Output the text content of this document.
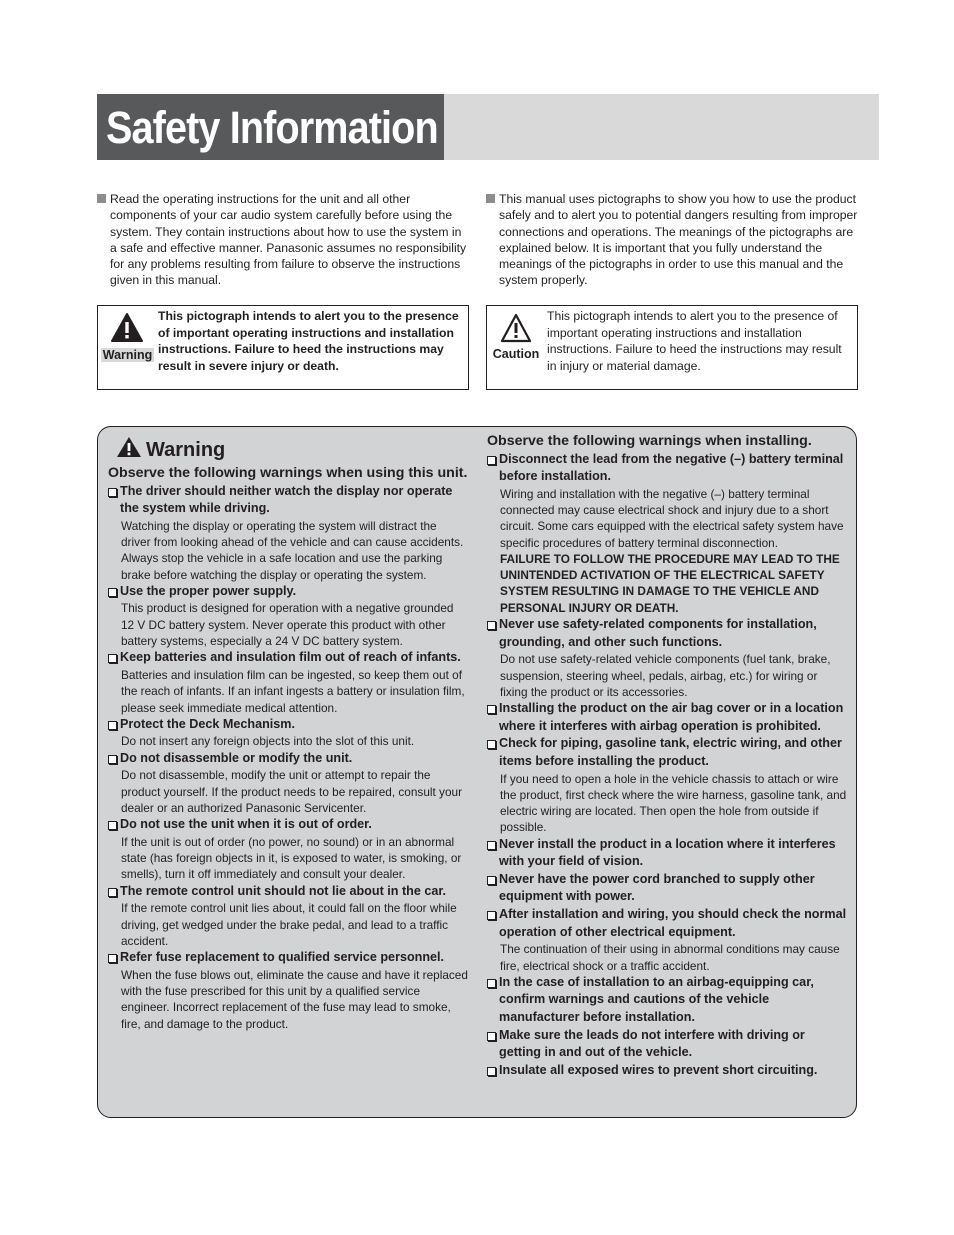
Safety Information
Read the operating instructions for the unit and all other components of your car audio system carefully before using the system. They contain instructions about how to use the system in a safe and effective manner. Panasonic assumes no responsibility for any problems resulting from failure to observe the instructions given in this manual.
This manual uses pictographs to show you how to use the product safely and to alert you to potential dangers resulting from improper connections and operations. The meanings of the pictographs are explained below. It is important that you fully understand the meanings of the pictographs in order to use this manual and the system properly.
Warning
This pictograph intends to alert you to the presence of important operating instructions and installation instructions. Failure to heed the instructions may result in severe injury or death.
Caution
This pictograph intends to alert you to the presence of important operating instructions and installation instructions. Failure to heed the instructions may result in injury or material damage.
Warning
Observe the following warnings when using this unit.
The driver should neither watch the display nor operate the system while driving.
Watching the display or operating the system will distract the driver from looking ahead of the vehicle and can cause accidents. Always stop the vehicle in a safe location and use the parking brake before watching the display or operating the system.
Use the proper power supply.
This product is designed for operation with a negative grounded 12 V DC battery system. Never operate this product with other battery systems, especially a 24 V DC battery system.
Keep batteries and insulation film out of reach of infants.
Batteries and insulation film can be ingested, so keep them out of the reach of infants. If an infant ingests a battery or insulation film, please seek immediate medical attention.
Protect the Deck Mechanism.
Do not insert any foreign objects into the slot of this unit.
Do not disassemble or modify the unit.
Do not disassemble, modify the unit or attempt to repair the product yourself. If the product needs to be repaired, consult your dealer or an authorized Panasonic Servicenter.
Do not use the unit when it is out of order.
If the unit is out of order (no power, no sound) or in an abnormal state (has foreign objects in it, is exposed to water, is smoking, or smells), turn it off immediately and consult your dealer.
The remote control unit should not lie about in the car.
If the remote control unit lies about, it could fall on the floor while driving, get wedged under the brake pedal, and lead to a traffic accident.
Refer fuse replacement to qualified service personnel.
When the fuse blows out, eliminate the cause and have it replaced with the fuse prescribed for this unit by a qualified service engineer. Incorrect replacement of the fuse may lead to smoke, fire, and damage to the product.
Observe the following warnings when installing.
Disconnect the lead from the negative (–) battery terminal before installation.
Wiring and installation with the negative (–) battery terminal connected may cause electrical shock and injury due to a short circuit. Some cars equipped with the electrical safety system have specific procedures of battery terminal disconnection.
FAILURE TO FOLLOW THE PROCEDURE MAY LEAD TO THE UNINTENDED ACTIVATION OF THE ELECTRICAL SAFETY SYSTEM RESULTING IN DAMAGE TO THE VEHICLE AND PERSONAL INJURY OR DEATH.
Never use safety-related components for installation, grounding, and other such functions.
Do not use safety-related vehicle components (fuel tank, brake, suspension, steering wheel, pedals, airbag, etc.) for wiring or fixing the product or its accessories.
Installing the product on the air bag cover or in a location where it interferes with airbag operation is prohibited.
Check for piping, gasoline tank, electric wiring, and other items before installing the product.
If you need to open a hole in the vehicle chassis to attach or wire the product, first check where the wire harness, gasoline tank, and electric wiring are located. Then open the hole from outside if possible.
Never install the product in a location where it interferes with your field of vision.
Never have the power cord branched to supply other equipment with power.
After installation and wiring, you should check the normal operation of other electrical equipment.
The continuation of their using in abnormal conditions may cause fire, electrical shock or a traffic accident.
In the case of installation to an airbag-equipping car, confirm warnings and cautions of the vehicle manufacturer before installation.
Make sure the leads do not interfere with driving or getting in and out of the vehicle.
Insulate all exposed wires to prevent short circuiting.
